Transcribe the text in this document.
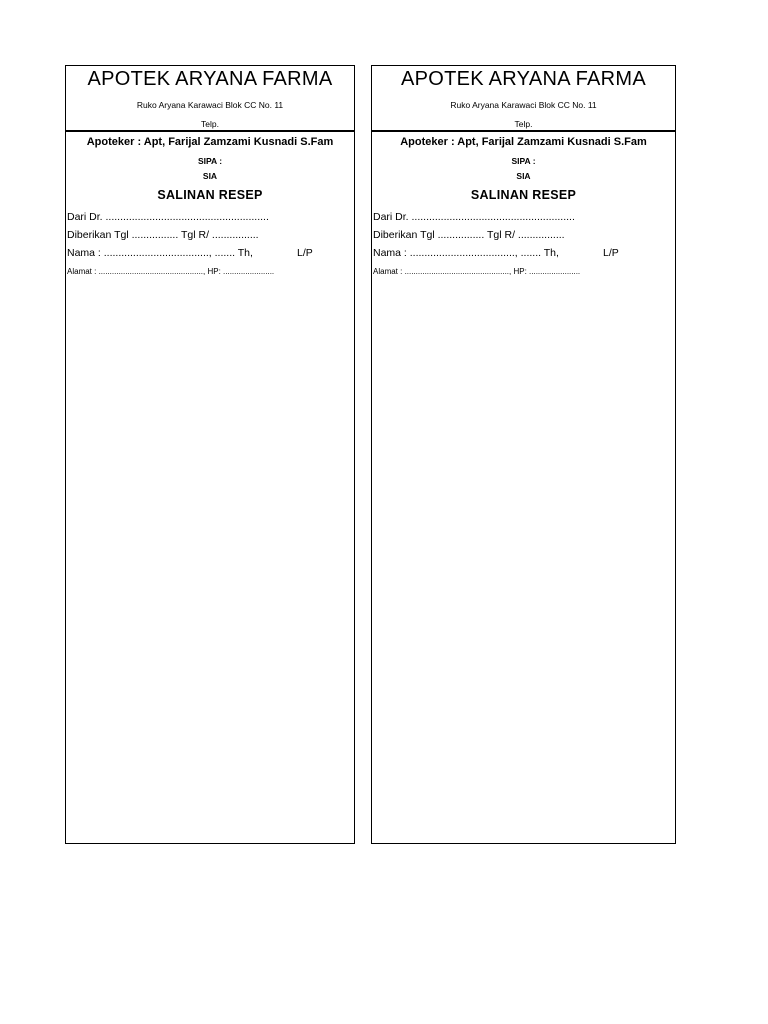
APOTEK ARYANA FARMA
Ruko Aryana Karawaci Blok CC No. 11
Telp.
Apoteker : Apt, Farijal Zamzami Kusnadi S.Fam
SIPA :
SIA
SALINAN RESEP
Dari Dr. ........................................................
Diberikan Tgl ................ Tgl R/ ................
Nama : ...................................., ....... Th,	L/P
Alamat : ..............................................., HP: .......................
APOTEK ARYANA FARMA
Ruko Aryana Karawaci Blok CC No. 11
Telp.
Apoteker : Apt, Farijal Zamzami Kusnadi S.Fam
SIPA :
SIA
SALINAN RESEP
Dari Dr. ........................................................
Diberikan Tgl ................ Tgl R/ ................
Nama : ...................................., ....... Th,	L/P
Alamat : ..............................................., HP: .......................
